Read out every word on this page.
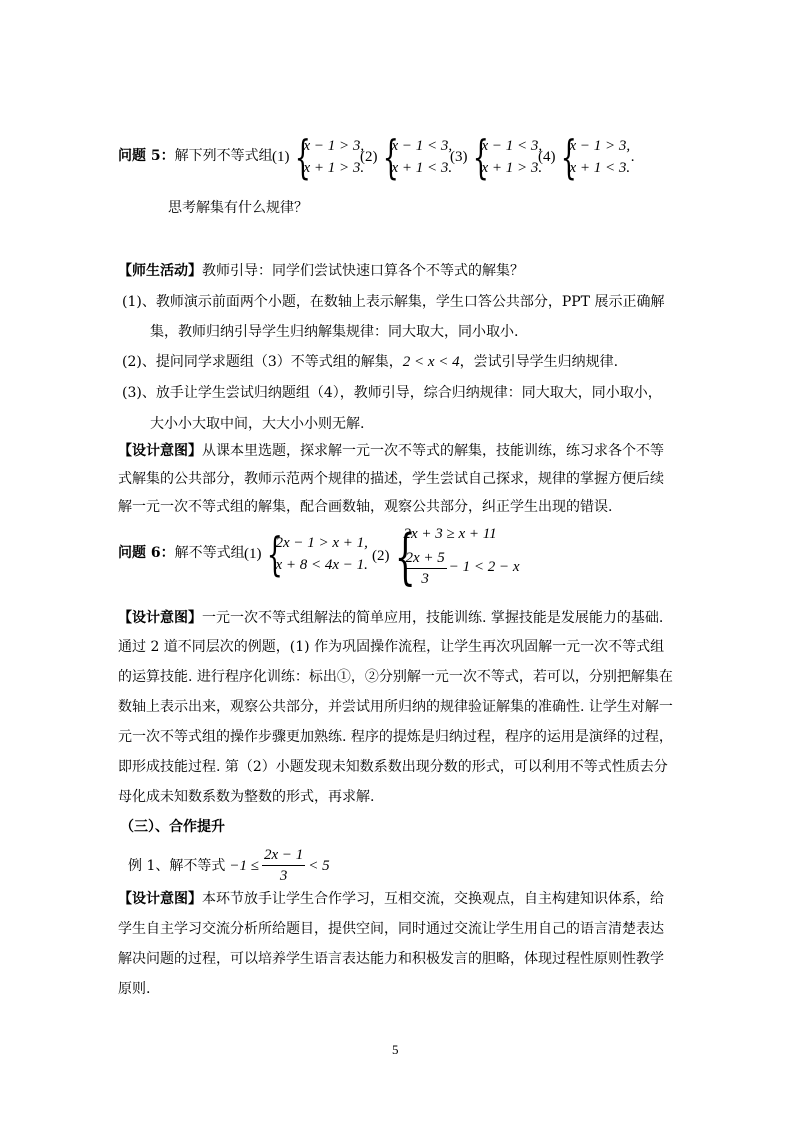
问题 5：解下列不等式组 (1) {
x − 1 > 3,
x + 1 > 3.
(2) {
x − 1 < 3,
x + 1 < 3.
(3) {
x − 1 < 3,
x + 1 > 3.
(4) {
x − 1 > 3,
x + 1 < 3.
.
思考解集有什么规律？
【师生活动】教师引导：同学们尝试快速口算各个不等式的解集？
(1)、教师演示前面两个小题，在数轴上表示解集，学生口答公共部分，PPT 展示正确解
集，教师归纳引导学生归纳解集规律：同大取大，同小取小.
(2)、提问同学求题组（3）不等式组的解集，2 < x < 4，尝试引导学生归纳规律.
(3)、放手让学生尝试归纳题组（4），教师引导，综合归纳规律：同大取大，同小取小，
大小小大取中间，大大小小则无解.
【设计意图】从课本里选题，探求解一元一次不等式的解集，技能训练，练习求各个不等
式解集的公共部分，教师示范两个规律的描述，学生尝试自己探求，规律的掌握方便后续
解一元一次不等式组的解集，配合画数轴，观察公共部分，纠正学生出现的错误.
问题 6：解不等式组 (1) {
2x − 1 > x + 1,
x + 8 < 4x − 1.
(2) {
2x + 3 ≥ x + 11
$\frac{2x + 5}{3} - 1 < 2 - x$
【设计意图】一元一次不等式组解法的简单应用，技能训练. 掌握技能是发展能力的基础.
通过 2 道不同层次的例题，(1) 作为巩固操作流程，让学生再次巩固解一元一次不等式组
的运算技能. 进行程序化训练：标出①，②分别解一元一次不等式，若可以，分别把解集在
数轴上表示出来，观察公共部分，并尝试用所归纳的规律验证解集的准确性. 让学生对解一
元一次不等式组的操作步骤更加熟练. 程序的提炼是归纳过程，程序的运用是演绎的过程，
即形成技能过程. 第（2）小题发现未知数系数出现分数的形式，可以利用不等式性质去分
母化成未知数系数为整数的形式，再求解.
（三）、合作提升
例 1、解不等式 $-1 \le \frac{2x - 1}{3} < 5$
【设计意图】本环节放手让学生合作学习，互相交流，交换观点，自主构建知识体系，给
学生自主学习交流分析所给题目，提供空间，同时通过交流让学生用自己的语言清楚表达
解决问题的过程，可以培养学生语言表达能力和积极发言的胆略，体现过程性原则性教学
原则.
5
